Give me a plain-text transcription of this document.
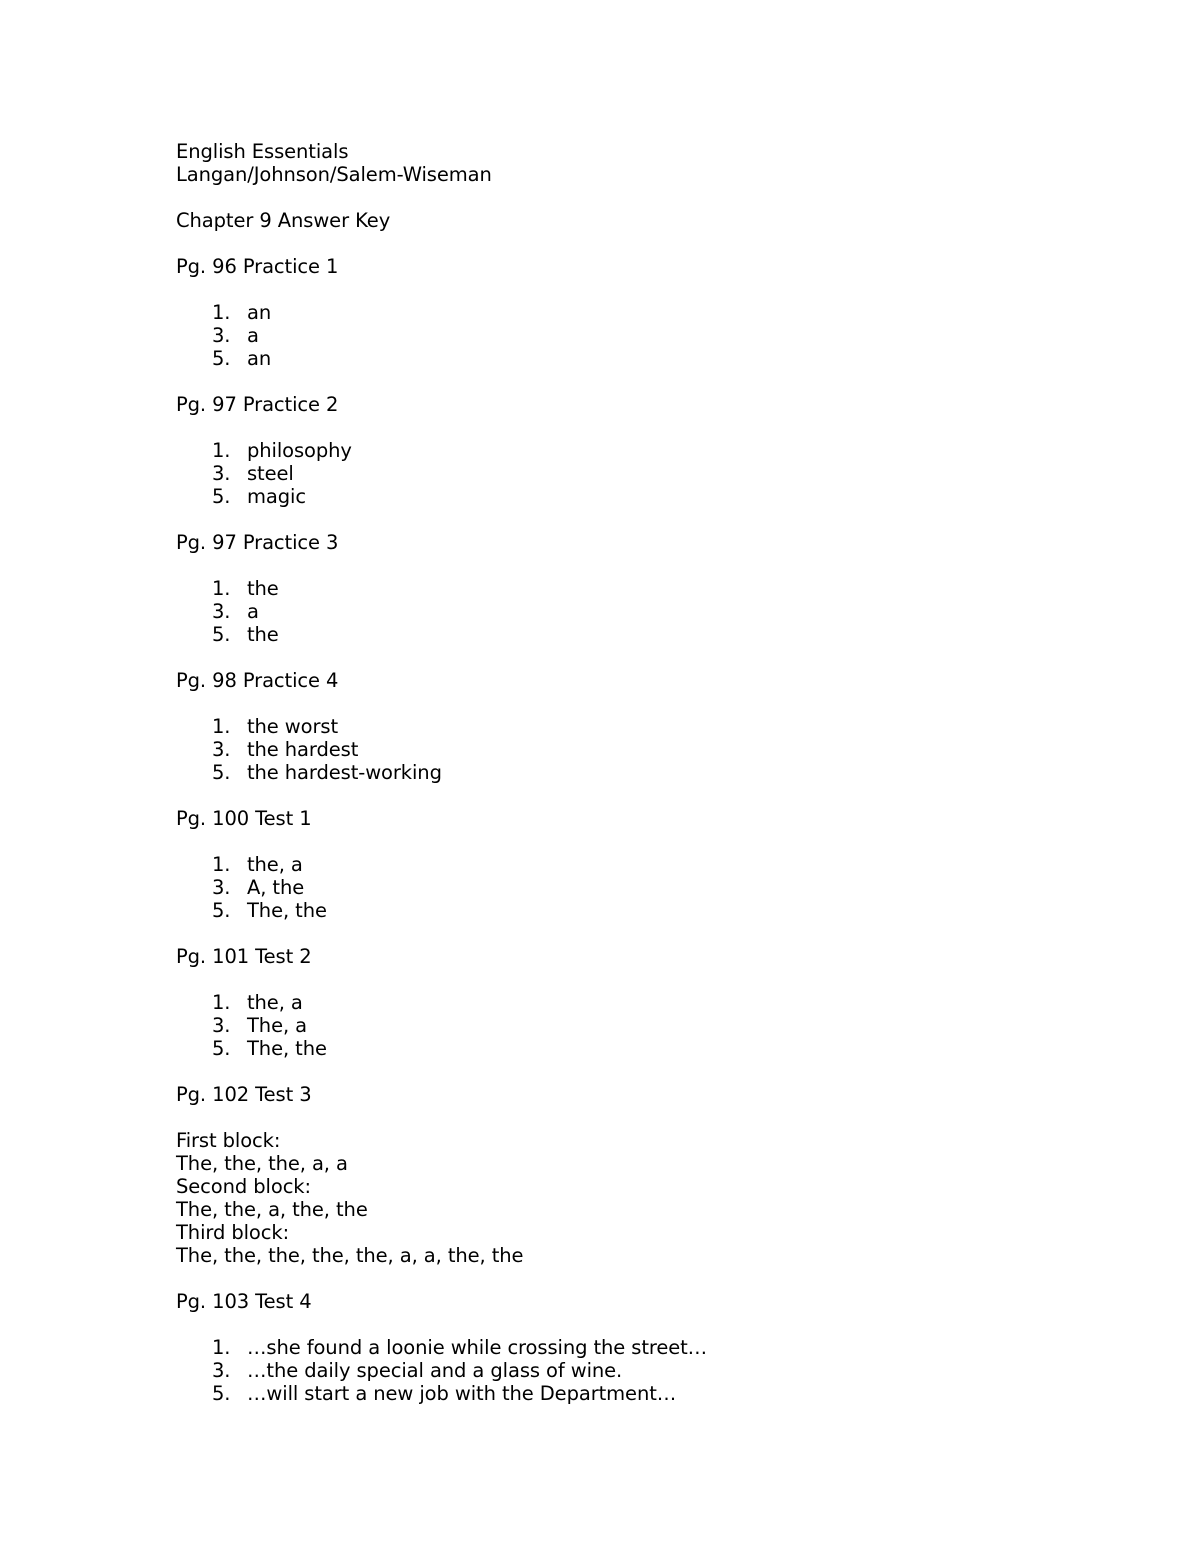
English Essentials
Langan/Johnson/Salem-Wiseman
Chapter 9 Answer Key
Pg. 96 Practice 1
1. an
3. a
5. an
Pg. 97 Practice 2
1. philosophy
3. steel
5. magic
Pg. 97 Practice 3
1. the
3. a
5. the
Pg. 98 Practice 4
1. the worst
3. the hardest
5. the hardest-working
Pg. 100 Test 1
1. the, a
3. A, the
5. The, the
Pg. 101 Test 2
1. the, a
3. The, a
5. The, the
Pg. 102 Test 3
First block:
The, the, the, a, a
Second block:
The, the, a, the, the
Third block:
The, the, the, the, the, a, a, the, the
Pg. 103 Test 4
1. …she found a loonie while crossing the street…
3. …the daily special and a glass of wine.
5. …will start a new job with the Department…
